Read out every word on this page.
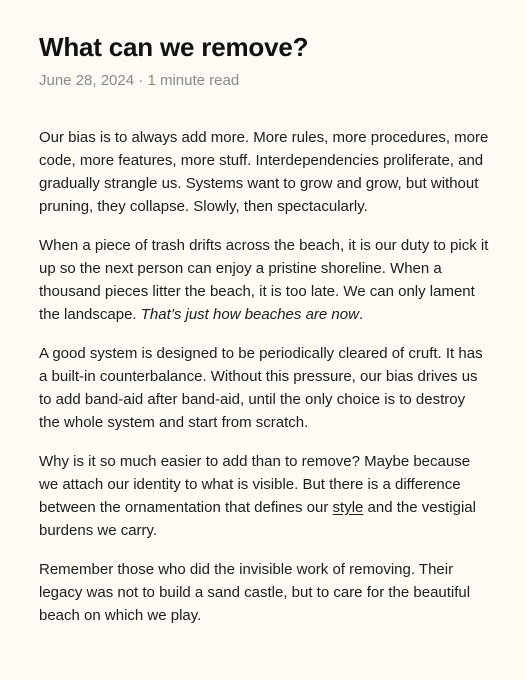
What can we remove?
June 28, 2024 · 1 minute read

Our bias is to always add more. More rules, more procedures, more code, more features, more stuff. Interdependencies proliferate, and gradually strangle us. Systems want to grow and grow, but without pruning, they collapse. Slowly, then spectacularly.

When a piece of trash drifts across the beach, it is our duty to pick it up so the next person can enjoy a pristine shoreline. When a thousand pieces litter the beach, it is too late. We can only lament the landscape. That’s just how beaches are now.

A good system is designed to be periodically cleared of cruft. It has a built-in counterbalance. Without this pressure, our bias drives us to add band-aid after band-aid, until the only choice is to destroy the whole system and start from scratch.

Why is it so much easier to add than to remove? Maybe because we attach our identity to what is visible. But there is a difference between the ornamentation that defines our style and the vestigial burdens we carry.

Remember those who did the invisible work of removing. Their legacy was not to build a sand castle, but to care for the beautiful beach on which we play.
